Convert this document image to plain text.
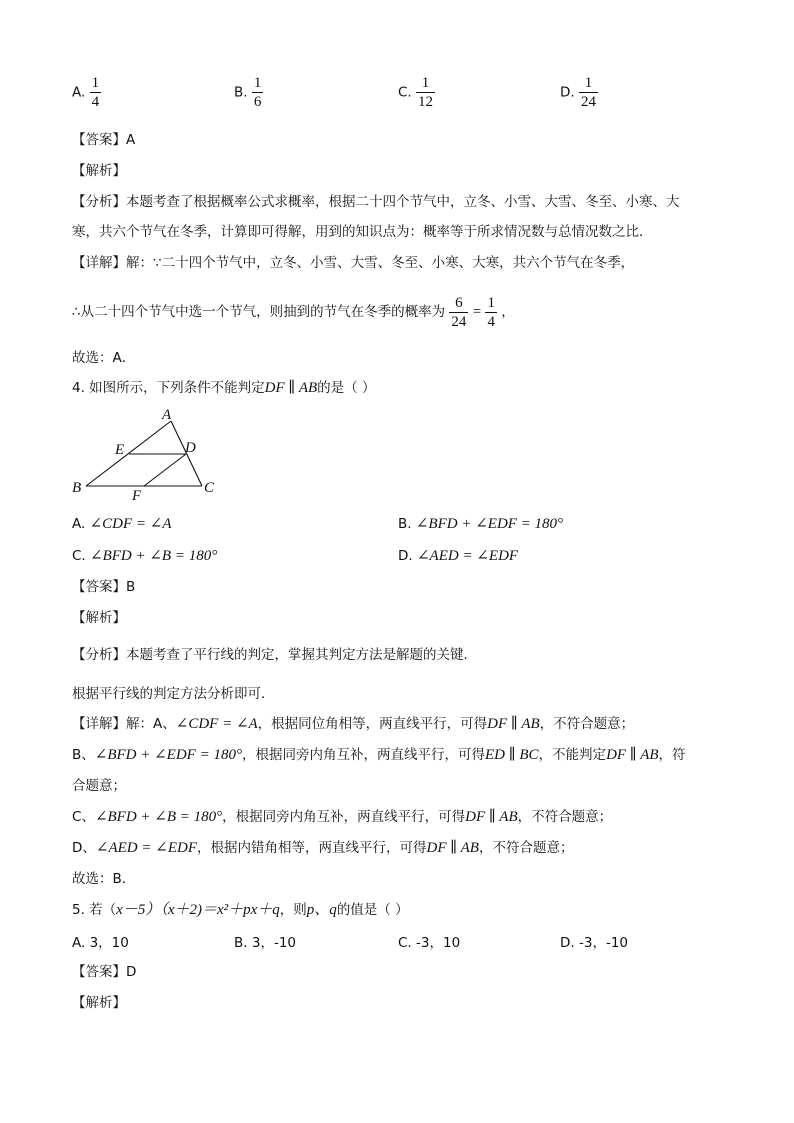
A. $\frac{1}{4}$	B. $\frac{1}{6}$	C. $\frac{1}{12}$	D. $\frac{1}{24}$
【答案】A
【解析】
【分析】本题考查了根据概率公式求概率，根据二十四个节气中，立冬、小雪、大雪、冬至、小寒、大
寒，共六个节气在冬季，计算即可得解，用到的知识点为：概率等于所求情况数与总情况数之比．
【详解】解：∵二十四个节气中，立冬、小雪、大雪、冬至、小寒、大寒，共六个节气在冬季，
∴从二十四个节气中选一个节气，则抽到的节气在冬季的概率为 $\frac{6}{24} = \frac{1}{4}$ ，
故选：A．
4. 如图所示，下列条件不能判定DF ∥ AB的是（ ）
A
E	D
B	F	C
A. ∠CDF = ∠A	B. ∠BFD + ∠EDF = 180°
C. ∠BFD + ∠B = 180°	D. ∠AED = ∠EDF
【答案】B
【解析】
【分析】本题考查了平行线的判定，掌握其判定方法是解题的关键．
根据平行线的判定方法分析即可．
【详解】解：A、∠CDF = ∠A，根据同位角相等，两直线平行，可得DF ∥ AB，不符合题意；
B、∠BFD + ∠EDF = 180°，根据同旁内角互补，两直线平行，可得ED ∥ BC，不能判定DF ∥ AB，符
合题意；
C、∠BFD + ∠B = 180°，根据同旁内角互补，两直线平行，可得DF ∥ AB，不符合题意；
D、∠AED = ∠EDF，根据内错角相等，两直线平行，可得DF ∥ AB，不符合题意；
故选：B．
5. 若（x－5）（x＋2)＝x²＋px＋q，则p、q的值是（ ）
A. 3，10	B. 3，-10	C. -3，10	D. -3，-10
【答案】D
【解析】
